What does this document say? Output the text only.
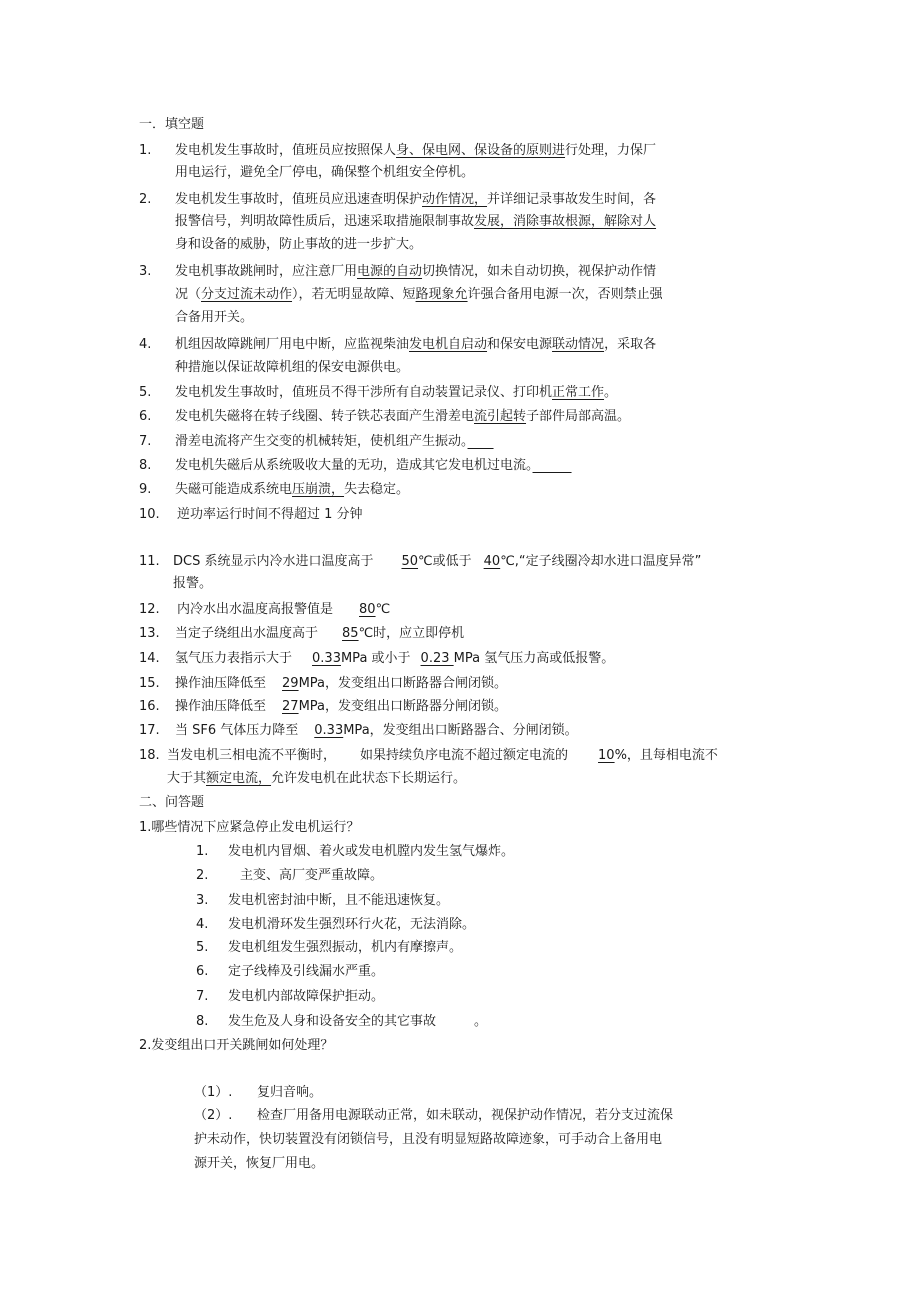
一．填空题
1. 发电机发生事故时，值班员应按照保人身、保电网、保设备的原则进行处理，力保厂
用电运行，避免全厂停电，确保整个机组安全停机。
2. 发电机发生事故时，值班员应迅速查明保护动作情况，并详细记录事故发生时间，各
报警信号，判明故障性质后，迅速采取措施限制事故发展，消除事故根源，解除对人
身和设备的威胁，防止事故的进一步扩大。
3. 发电机事故跳闸时，应注意厂用电源的自动切换情况，如未自动切换，视保护动作情
况（分支过流未动作），若无明显故障、短路现象允许强合备用电源一次，否则禁止强
合备用开关。
4. 机组因故障跳闸厂用电中断，应监视柴油发电机自启动和保安电源联动情况，采取各
种措施以保证故障机组的保安电源供电。
5. 发电机发生事故时，值班员不得干涉所有自动装置记录仪、打印机正常工作。
6. 发电机失磁将在转子线圈、转子铁芯表面产生滑差电流引起转子部件局部高温。
7. 滑差电流将产生交变的机械转矩，使机组产生振动。　　
8. 发电机失磁后从系统吸收大量的无功，造成其它发电机过电流。　　　
9. 失磁可能造成系统电压崩溃，失去稳定。
10. 逆功率运行时间不得超过 1 分钟
11. DCS 系统显示内冷水进口温度高于 50℃或低于 40℃,“定子线圈冷却水进口温度异常”
报警。
12. 内冷水出水温度高报警值是 80℃
13. 当定子绕组出水温度高于 85℃时，应立即停机
14. 氢气压力表指示大于 0.33MPa 或小于 0.23 MPa 氢气压力高或低报警。
15. 操作油压降低至 29MPa，发变组出口断路器合闸闭锁。
16. 操作油压降低至 27MPa，发变组出口断路器分闸闭锁。
17. 当 SF6 气体压力降至 0.33MPa，发变组出口断路器合、分闸闭锁。
18. 当发电机三相电流不平衡时， 如果持续负序电流不超过额定电流的 10%，且每相电流不
大于其额定电流，允许发电机在此状态下长期运行。
二、问答题
1.哪些情况下应紧急停止发电机运行？
1. 发电机内冒烟、着火或发电机膛内发生氢气爆炸。
2. 主变、高厂变严重故障。
3. 发电机密封油中断，且不能迅速恢复。
4. 发电机滑环发生强烈环行火花，无法消除。
5. 发电机组发生强烈振动，机内有摩擦声。
6. 定子线棒及引线漏水严重。
7. 发电机内部故障保护拒动。
8. 发生危及人身和设备安全的其它事故	。
2.发变组出口开关跳闸如何处理？
（1）. 复归音响。
（2）. 检查厂用备用电源联动正常，如未联动，视保护动作情况，若分支过流保
护未动作，快切装置没有闭锁信号，且没有明显短路故障迹象，可手动合上备用电
源开关，恢复厂用电。
